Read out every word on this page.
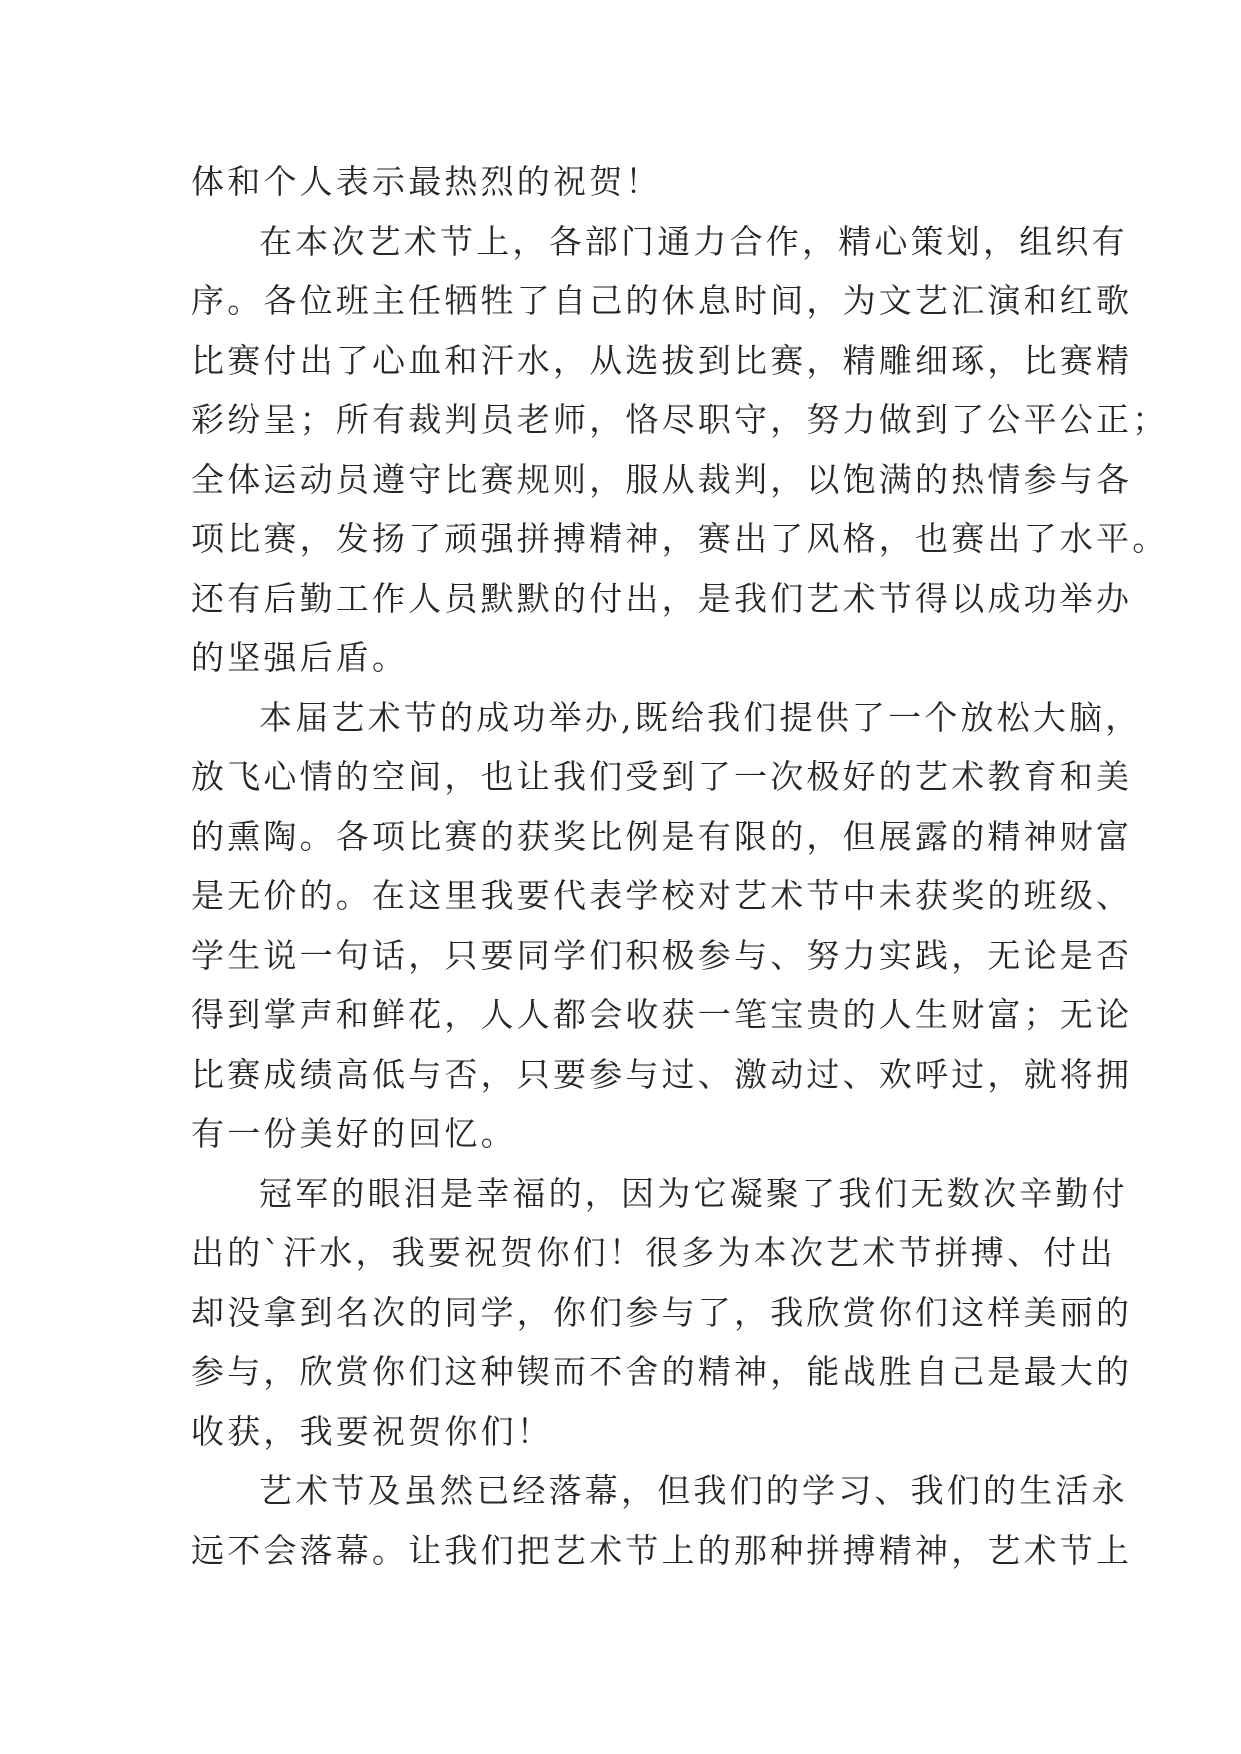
体和个人表示最热烈的祝贺！
在本次艺术节上，各部门通力合作，精心策划，组织有
序。各位班主任牺牲了自己的休息时间，为文艺汇演和红歌
比赛付出了心血和汗水，从选拔到比赛，精雕细琢，比赛精
彩纷呈；所有裁判员老师，恪尽职守，努力做到了公平公正；
全体运动员遵守比赛规则，服从裁判，以饱满的热情参与各
项比赛，发扬了顽强拼搏精神，赛出了风格，也赛出了水平。
还有后勤工作人员默默的付出，是我们艺术节得以成功举办
的坚强后盾。
本届艺术节的成功举办,既给我们提供了一个放松大脑，
放飞心情的空间，也让我们受到了一次极好的艺术教育和美
的熏陶。各项比赛的获奖比例是有限的，但展露的精神财富
是无价的。在这里我要代表学校对艺术节中未获奖的班级、
学生说一句话，只要同学们积极参与、努力实践，无论是否
得到掌声和鲜花，人人都会收获一笔宝贵的人生财富；无论
比赛成绩高低与否，只要参与过、激动过、欢呼过，就将拥
有一份美好的回忆。
冠军的眼泪是幸福的，因为它凝聚了我们无数次辛勤付
出的`汗水，我要祝贺你们！很多为本次艺术节拼搏、付出
却没拿到名次的同学，你们参与了，我欣赏你们这样美丽的
参与，欣赏你们这种锲而不舍的精神，能战胜自己是最大的
收获，我要祝贺你们！
艺术节及虽然已经落幕，但我们的学习、我们的生活永
远不会落幕。让我们把艺术节上的那种拼搏精神，艺术节上
